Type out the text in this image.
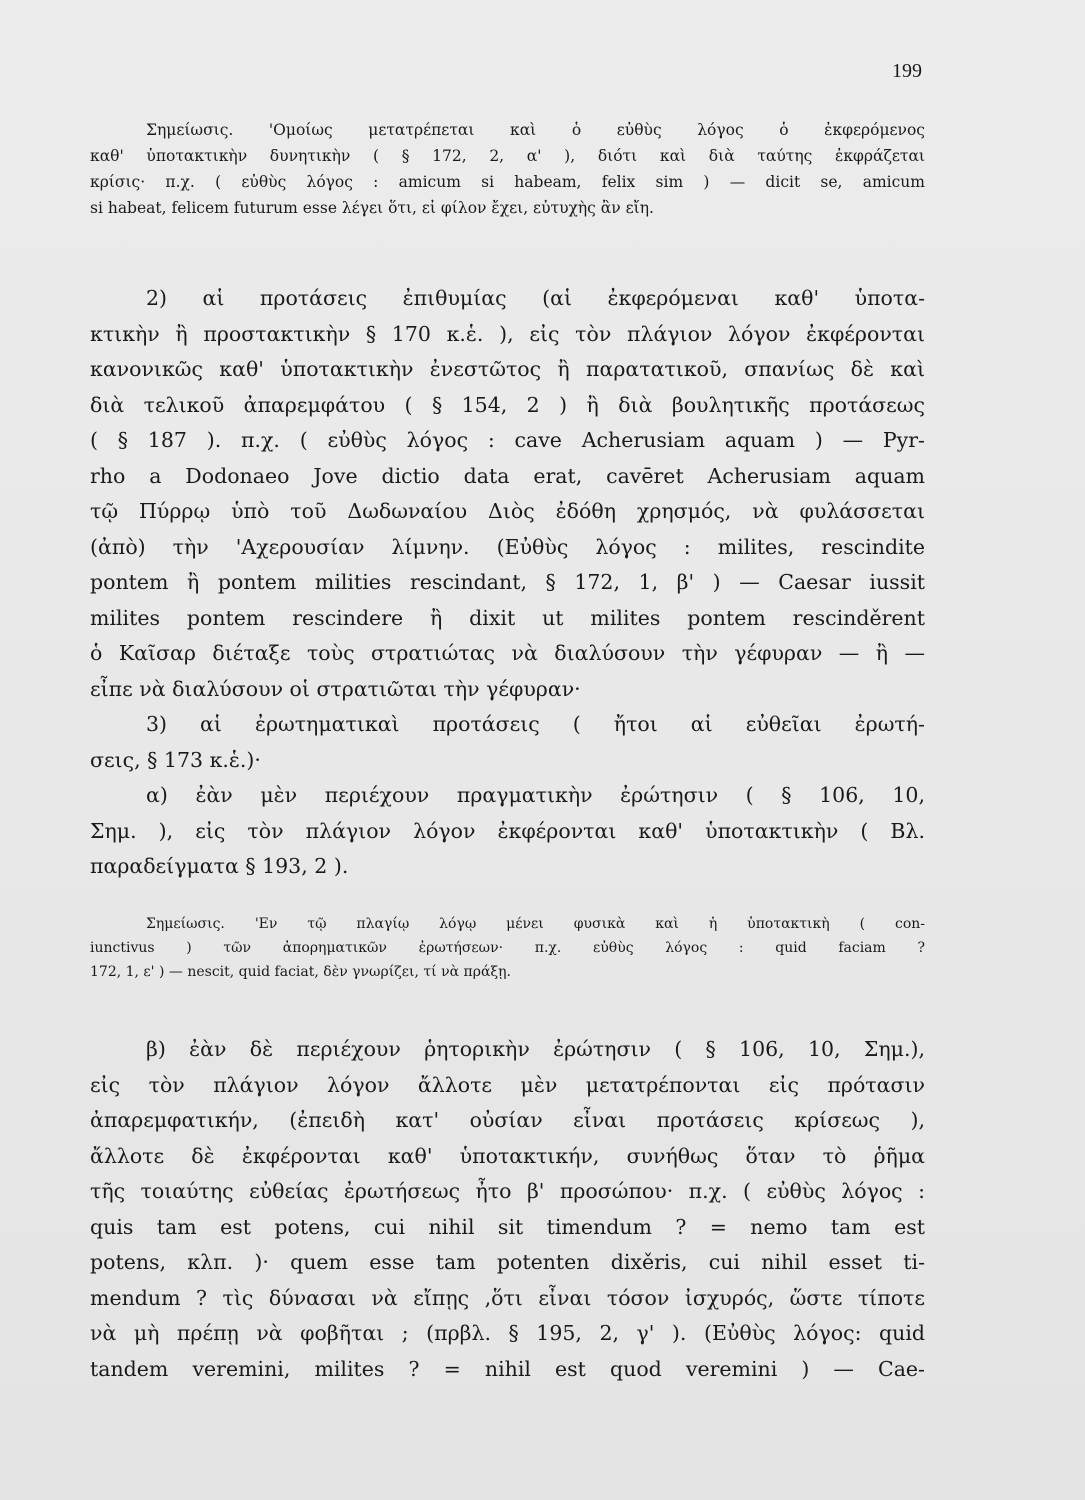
199
Σημείωσις. 'Ομοίως μετατρέπεται καὶ ὁ εὐθὺς λόγος ὁ ἐκφερόμενος
καθ' ὑποτακτικὴν δυνητικὴν ( § 172, 2, α' ), διότι καὶ διὰ ταύτης ἐκφράζεται
κρίσις· π.χ. ( εὐθὺς λόγος : amicum si habeam, felix sim ) — dicit se, amicum
si habeat, felicem futurum esse λέγει ὅτι, εἰ φίλον ἔχει, εὐτυχὴς ἂν εἴη.
2) αἱ προτάσεις ἐπιθυμίας (αἱ ἐκφερόμεναι καθ' ὑποτα-
κτικὴν ἢ προστακτικὴν § 170 κ.ἑ. ), εἰς τὸν πλάγιον λόγον ἐκφέρονται
κανονικῶς καθ' ὑποτακτικὴν ἐνεστῶτος ἢ παρατατικοῦ, σπανίως δὲ καὶ
διὰ τελικοῦ ἀπαρεμφάτου ( § 154, 2 ) ἢ διὰ βουλητικῆς προτάσεως
( § 187 ). π.χ. ( εὐθὺς λόγος : cave Acherusiam aquam ) — Pyr-
rho a Dodonaeo Jove dictio data erat, cavēret Acherusiam aquam
τῷ Πύρρῳ ὑπὸ τοῦ Δωδωναίου Διὸς ἐδόθη χρησμός, νὰ φυλάσσεται
(ἀπὸ) τὴν 'Αχερουσίαν λίμνην. (Εὐθὺς λόγος : milites, rescindite
pontem ἢ pontem milities rescindant, § 172, 1, β' ) — Caesar iussit
milites pontem rescindere ἢ dixit ut milites pontem rescinděrent
ὁ Καῖσαρ διέταξε τοὺς στρατιώτας νὰ διαλύσουν τὴν γέφυραν — ἢ —
εἶπε νὰ διαλύσουν οἱ στρατιῶται τὴν γέφυραν·
3) αἱ ἐρωτηματικαὶ προτάσεις ( ἤτοι αἱ εὐθεῖαι ἐρωτή-
σεις, § 173 κ.ἑ.)·
α) ἐὰν μὲν περιέχουν πραγματικὴν ἐρώτησιν ( § 106, 10,
Σημ. ), εἰς τὸν πλάγιον λόγον ἐκφέρονται καθ' ὑποτακτικὴν ( Βλ.
παραδείγματα § 193, 2 ).
Σημείωσις. 'Εν τῷ πλαγίῳ λόγῳ μένει φυσικὰ καὶ ἡ ὑποτακτικὴ ( con-
iunctivus ) τῶν ἀπορηματικῶν ἐρωτήσεων· π.χ. εὐθὺς λόγος : quid faciam ?
172, 1, ε' ) — nescit, quid faciat, δὲν γνωρίζει, τί νὰ πράξῃ.
β) ἐὰν δὲ περιέχουν ῥητορικὴν ἐρώτησιν ( § 106, 10, Σημ.),
εἰς τὸν πλάγιον λόγον ἄλλοτε μὲν μετατρέπονται εἰς πρότασιν
ἀπαρεμφατικήν, (ἐπειδὴ κατ' οὐσίαν εἶναι προτάσεις κρίσεως ),
ἄλλοτε δὲ ἐκφέρονται καθ' ὑποτακτικήν, συνήθως ὅταν τὸ ῥῆμα
τῆς τοιαύτης εὐθείας ἐρωτήσεως ἦτο β' προσώπου· π.χ. ( εὐθὺς λόγος :
quis tam est potens, cui nihil sit timendum ? = nemo tam est
potens, κλπ. )· quem esse tam potenten dixěris, cui nihil esset ti-
mendum ? τὶς δύνασαι νὰ εἴπῃς ,ὅτι εἶναι τόσον ἰσχυρός, ὥστε τίποτε
νὰ μὴ πρέπῃ νὰ φοβῆται ; (πρβλ. § 195, 2, γ' ). (Εὐθὺς λόγος: quid
tandem veremini, milites ? = nihil est quod veremini ) — Cae-
